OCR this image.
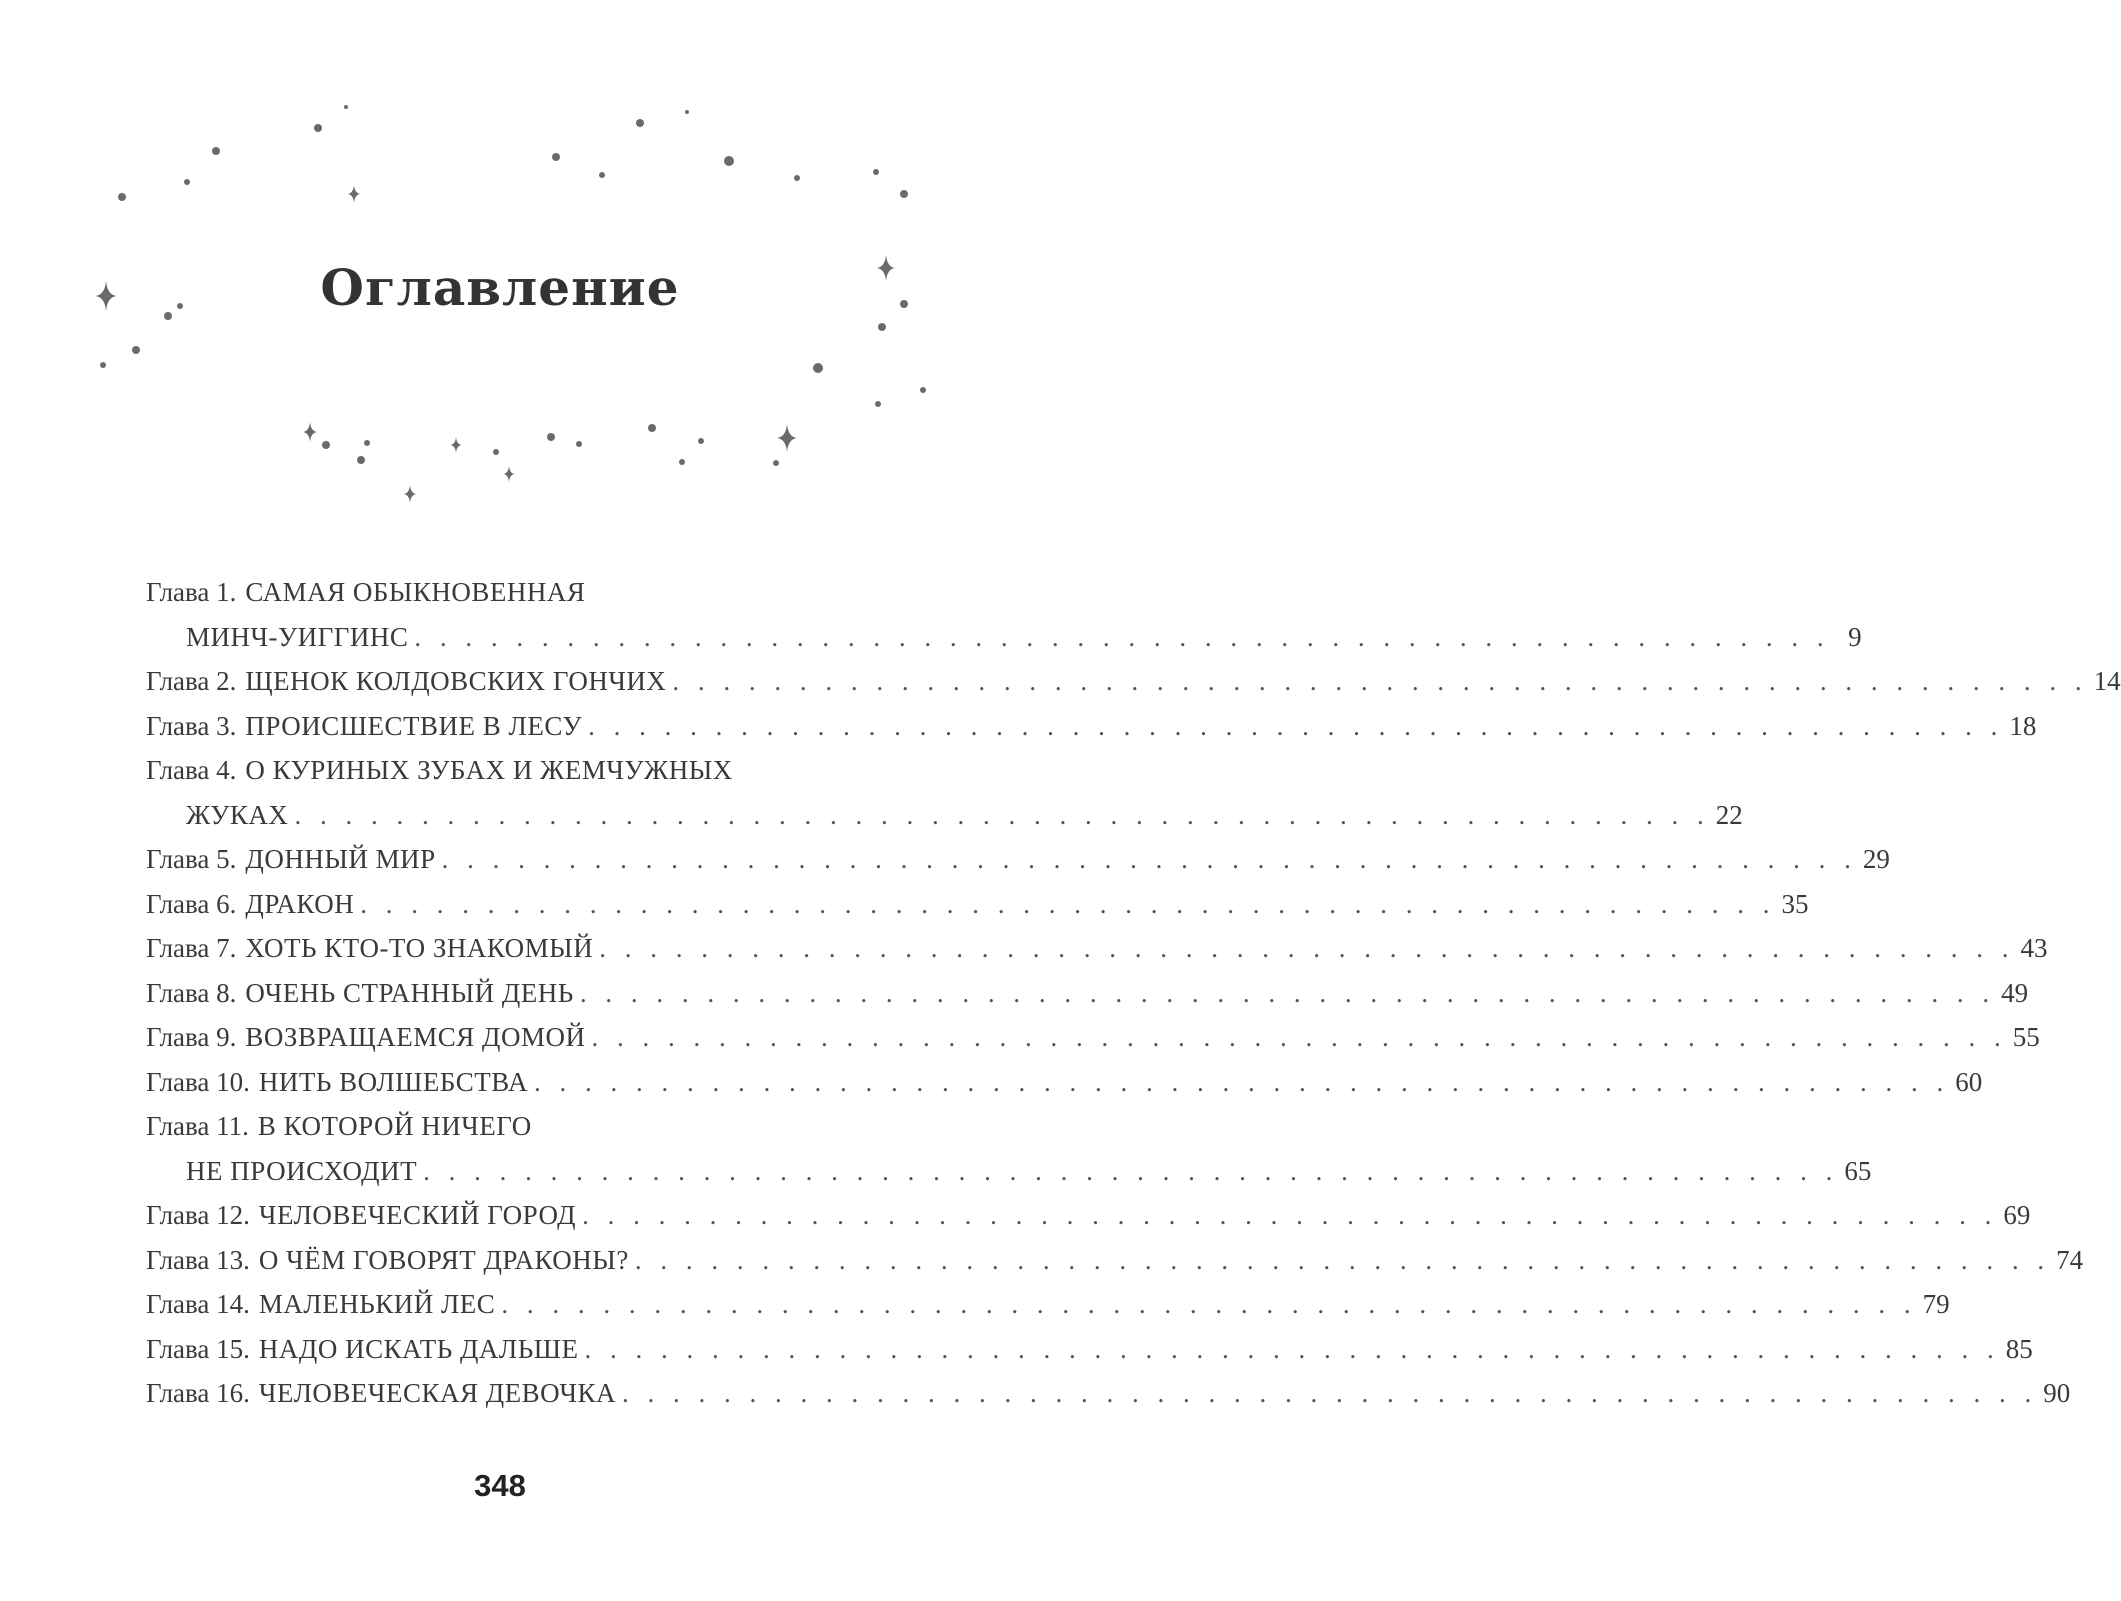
Оглавление
Глава 1. САМАЯ ОБЫКНОВЕННАЯ
МИНЧ-УИГГИНС . . . . . . . . . . . . . . . . . . . . . . . . . . . . . . . . . . . . . . . . . . . . . . . . . . . . . . . . 9
Глава 2. ЩЕНОК КОЛДОВСКИХ ГОНЧИХ . . . . . . . . . . . . . . . . . . . . . . . . . . . . . . . . . . . . . . . . . . . . . . . . . . . . . . . . 14
Глава 3. ПРОИСШЕСТВИЕ В ЛЕСУ . . . . . . . . . . . . . . . . . . . . . . . . . . . . . . . . . . . . . . . . . . . . . . . . . . . . . . . . 18
Глава 4. О КУРИНЫХ ЗУБАХ И ЖЕМЧУЖНЫХ
ЖУКАХ . . . . . . . . . . . . . . . . . . . . . . . . . . . . . . . . . . . . . . . . . . . . . . . . . . . . . . . . 22
Глава 5. ДОННЫЙ МИР . . . . . . . . . . . . . . . . . . . . . . . . . . . . . . . . . . . . . . . . . . . . . . . . . . . . . . . . 29
Глава 6. ДРАКОН . . . . . . . . . . . . . . . . . . . . . . . . . . . . . . . . . . . . . . . . . . . . . . . . . . . . . . . . 35
Глава 7. ХОТЬ КТО-ТО ЗНАКОМЫЙ . . . . . . . . . . . . . . . . . . . . . . . . . . . . . . . . . . . . . . . . . . . . . . . . . . . . . . . . 43
Глава 8. ОЧЕНЬ СТРАННЫЙ ДЕНЬ . . . . . . . . . . . . . . . . . . . . . . . . . . . . . . . . . . . . . . . . . . . . . . . . . . . . . . . . 49
Глава 9. ВОЗВРАЩАЕМСЯ ДОМОЙ . . . . . . . . . . . . . . . . . . . . . . . . . . . . . . . . . . . . . . . . . . . . . . . . . . . . . . . . 55
Глава 10. НИТЬ ВОЛШЕБСТВА . . . . . . . . . . . . . . . . . . . . . . . . . . . . . . . . . . . . . . . . . . . . . . . . . . . . . . . . 60
Глава 11. В КОТОРОЙ НИЧЕГО
НЕ ПРОИСХОДИТ . . . . . . . . . . . . . . . . . . . . . . . . . . . . . . . . . . . . . . . . . . . . . . . . . . . . . . . . 65
Глава 12. ЧЕЛОВЕЧЕСКИЙ ГОРОД . . . . . . . . . . . . . . . . . . . . . . . . . . . . . . . . . . . . . . . . . . . . . . . . . . . . . . . . 69
Глава 13. О ЧЁМ ГОВОРЯТ ДРАКОНЫ? . . . . . . . . . . . . . . . . . . . . . . . . . . . . . . . . . . . . . . . . . . . . . . . . . . . . . . . . 74
Глава 14. МАЛЕНЬКИЙ ЛЕС . . . . . . . . . . . . . . . . . . . . . . . . . . . . . . . . . . . . . . . . . . . . . . . . . . . . . . . . 79
Глава 15. НАДО ИСКАТЬ ДАЛЬШЕ . . . . . . . . . . . . . . . . . . . . . . . . . . . . . . . . . . . . . . . . . . . . . . . . . . . . . . . . 85
Глава 16. ЧЕЛОВЕЧЕСКАЯ ДЕВОЧКА . . . . . . . . . . . . . . . . . . . . . . . . . . . . . . . . . . . . . . . . . . . . . . . . . . . . . . . . 90
348
